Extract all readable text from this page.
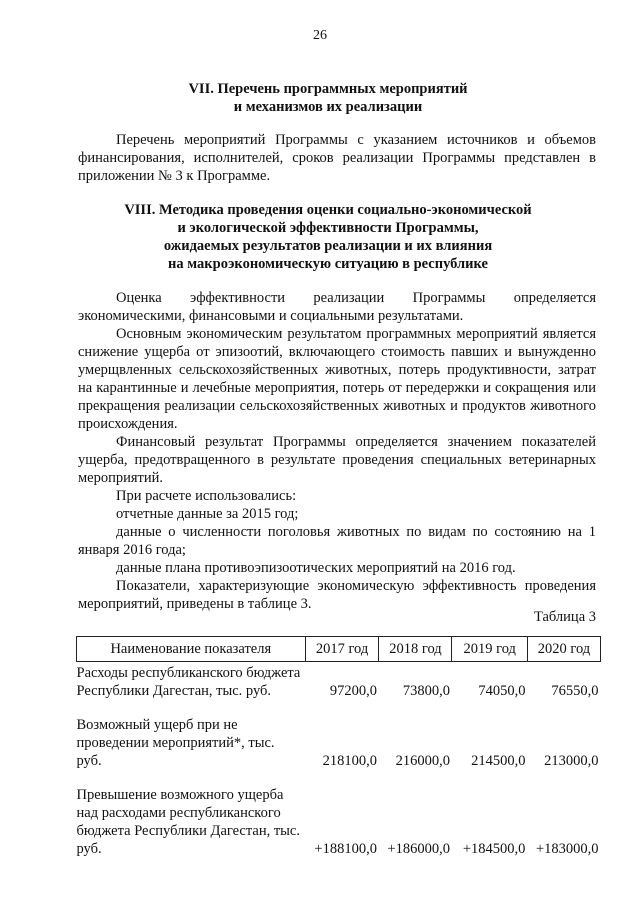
26
VII. Перечень программных мероприятий
и механизмов их реализации

Перечень мероприятий Программы с указанием источников и объемов финансирования, исполнителей, сроков реализации Программы представлен в приложении № 3 к Программе.

VIII. Методика проведения оценки социально-экономической
и экологической эффективности Программы,
ожидаемых результатов реализации и их влияния
на макроэкономическую ситуацию в республике

Оценка эффективности реализации Программы определяется экономическими, финансовыми и социальными результатами.

Основным экономическим результатом программных мероприятий является снижение ущерба от эпизоотий, включающего стоимость павших и вынужденно умерщвленных сельскохозяйственных животных, потерь продуктивности, затрат на карантинные и лечебные мероприятия, потерь от передержки и сокращения или прекращения реализации сельскохозяйственных животных и продуктов животного происхождения.

Финансовый результат Программы определяется значением показателей ущерба, предотвращенного в результате проведения специальных ветеринарных мероприятий.

При расчете использовались:

отчетные данные за 2015 год;

данные о численности поголовья животных по видам по состоянию на 1 января 2016 года;

данные плана противоэпизоотических мероприятий на 2016 год.

Показатели, характеризующие экономическую эффективность проведения мероприятий, приведены в таблице 3.

Таблица 3
Наименование показателя	2017 год	2018 год	2019 год	2020 год
Расходы республиканского бюджета Республики Дагестан, тыс. руб.	97200,0	73800,0	74050,0	76550,0
Возможный ущерб при не проведении мероприятий*, тыс. руб.	218100,0	216000,0	214500,0	213000,0
Превышение возможного ущерба над расходами республиканского бюджета Республики Дагестан, тыс. руб.	+188100,0	+186000,0	+184500,0	+183000,0
